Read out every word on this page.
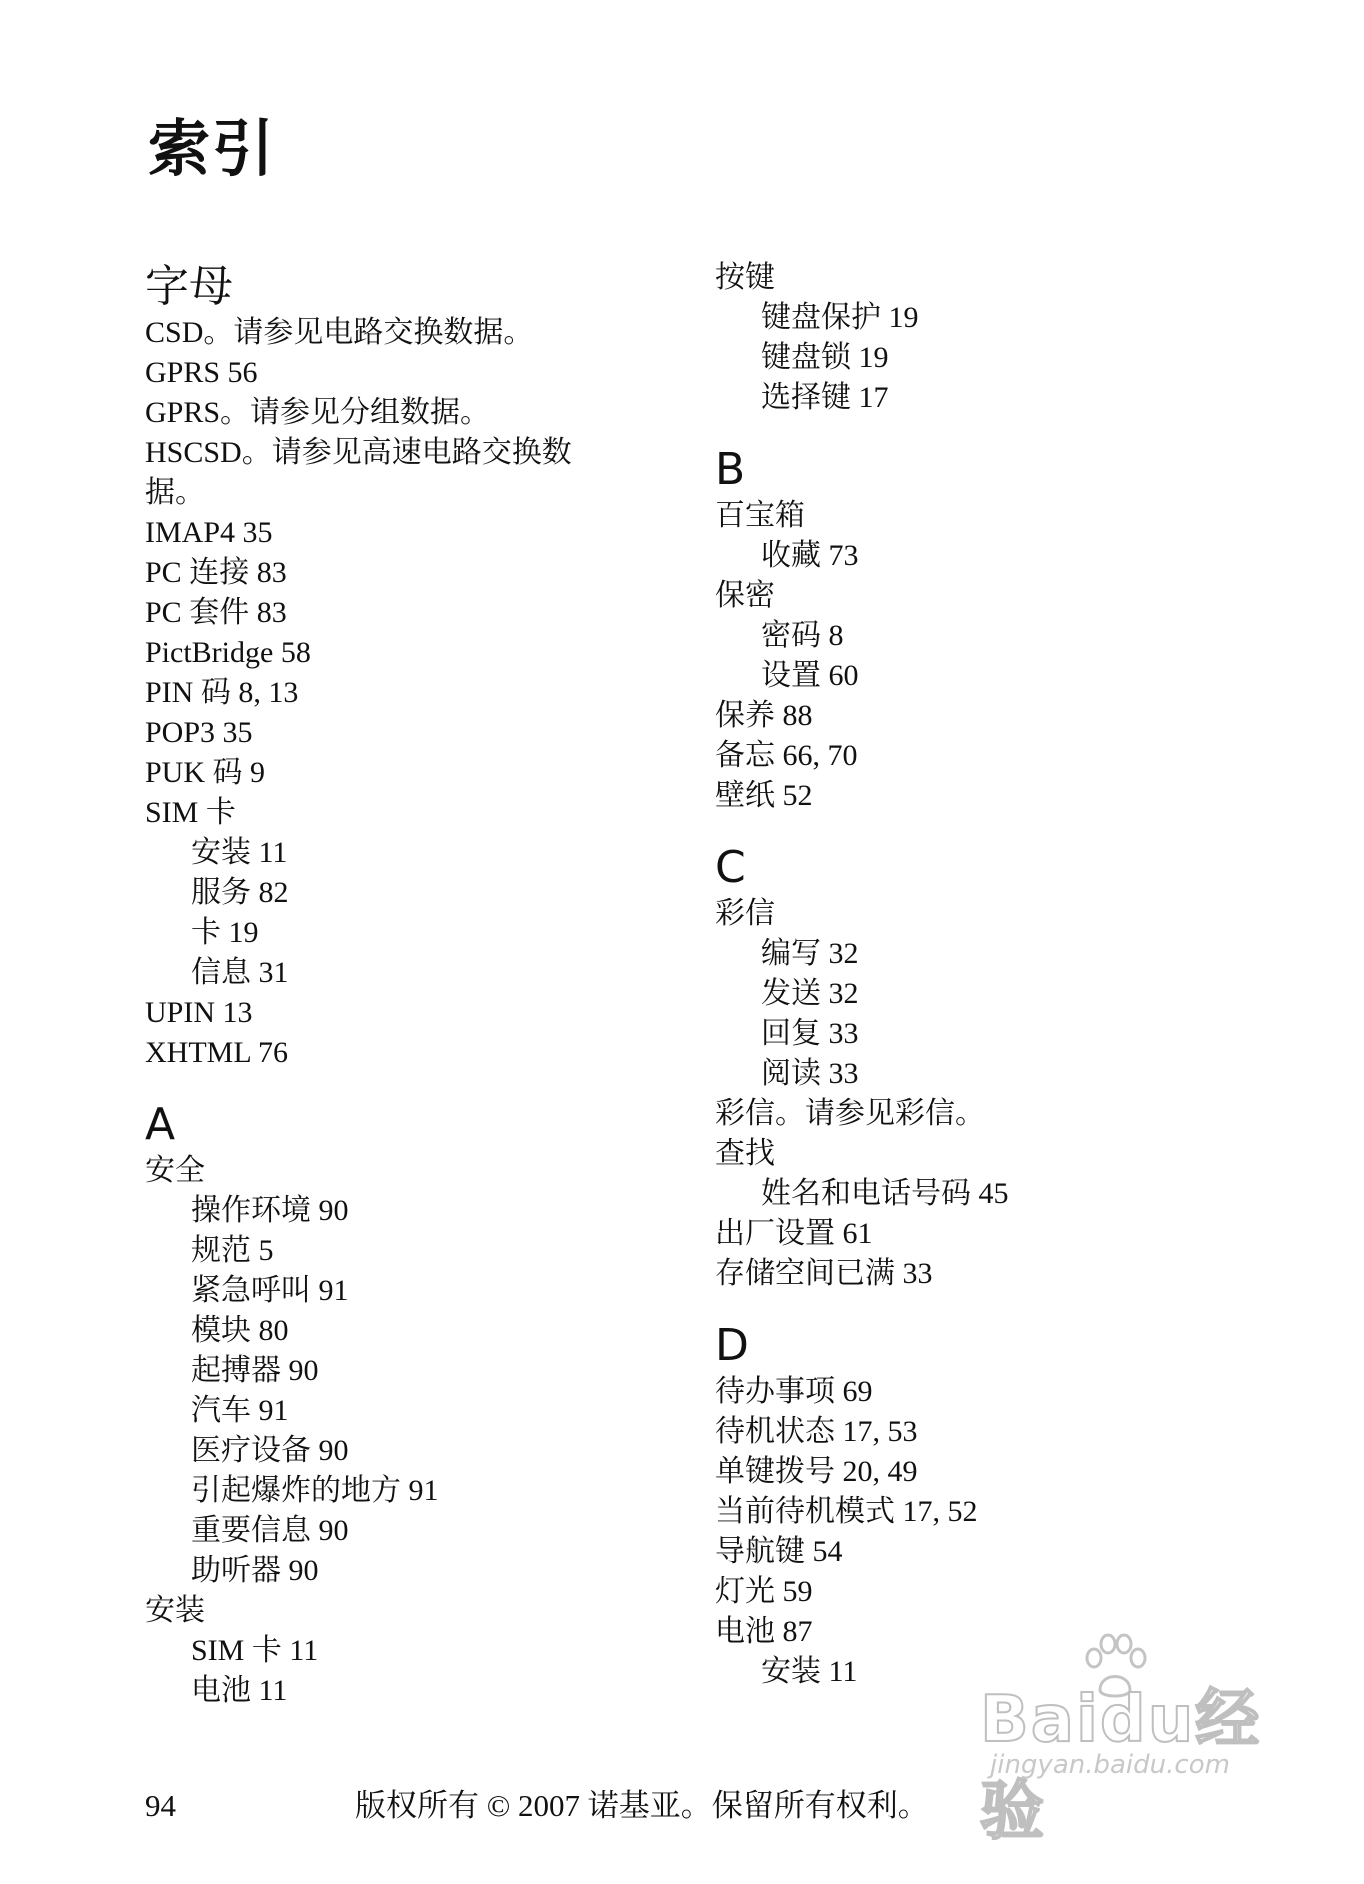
索引
字母
CSD。请参见电路交换数据。
GPRS 56
GPRS。请参见分组数据。
HSCSD。请参见高速电路交换数据。
IMAP4 35
PC 连接 83
PC 套件 83
PictBridge 58
PIN 码 8, 13
POP3 35
PUK 码 9
SIM 卡
安装 11
服务 82
卡 19
信息 31
UPIN 13
XHTML 76
A
安全
操作环境 90
规范 5
紧急呼叫 91
模块 80
起搏器 90
汽车 91
医疗设备 90
引起爆炸的地方 91
重要信息 90
助听器 90
安装
SIM 卡 11
电池 11
按键
键盘保护 19
键盘锁 19
选择键 17
B
百宝箱
收藏 73
保密
密码 8
设置 60
保养 88
备忘 66, 70
壁纸 52
C
彩信
编写 32
发送 32
回复 33
阅读 33
彩信。请参见彩信。
查找
姓名和电话号码 45
出厂设置 61
存储空间已满 33
D
待办事项 69
待机状态 17, 53
单键拨号 20, 49
当前待机模式 17, 52
导航键 54
灯光 59
电池 87
安装 11
94	版权所有 © 2007 诺基亚。保留所有权利。
Baidu经验
jingyan.baidu.com
